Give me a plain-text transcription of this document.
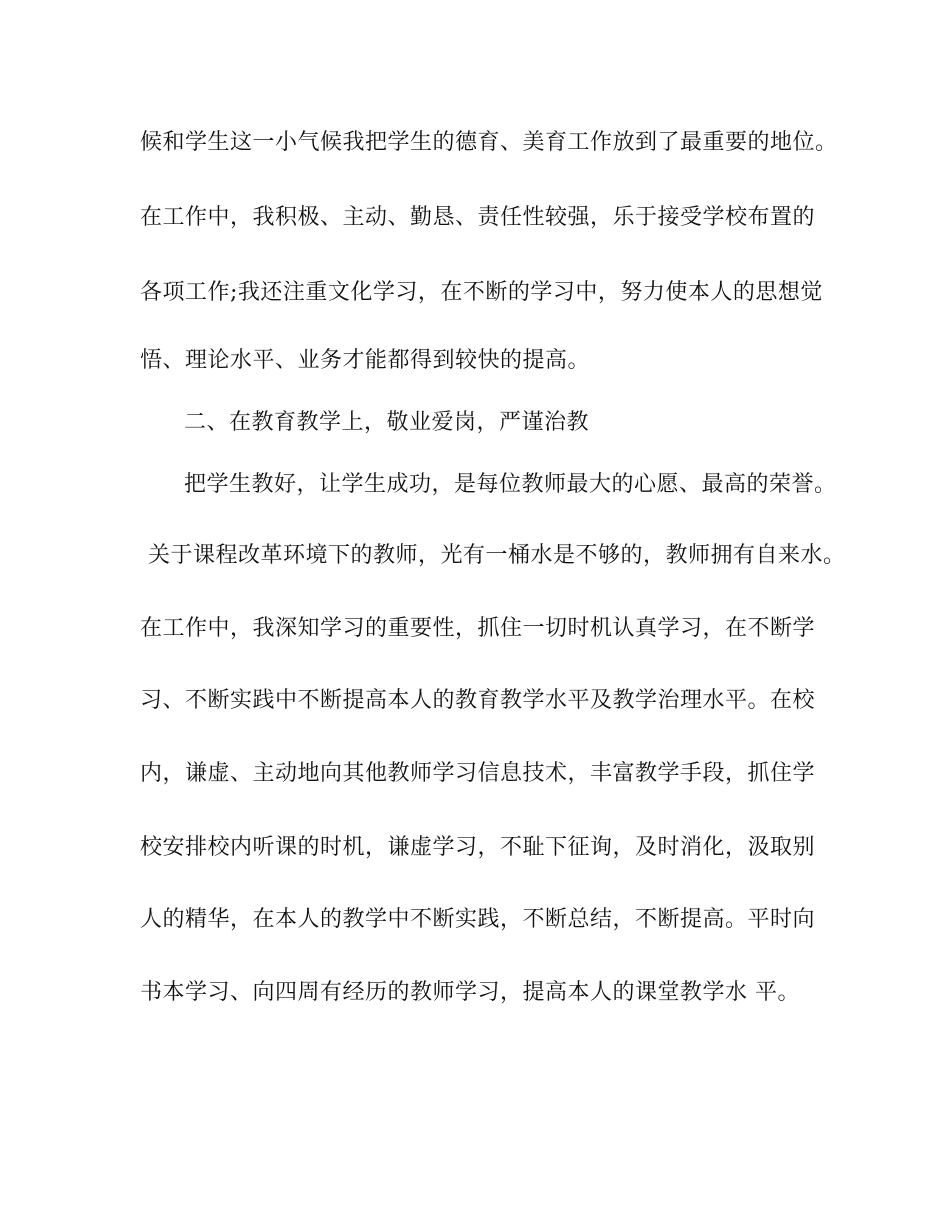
候和学生这一小气候我把学生的德育、美育工作放到了最重要的地位。
在工作中，我积极、主动、勤恳、责任性较强，乐于接受学校布置的
各项工作;我还注重文化学习，在不断的学习中，努力使本人的思想觉
悟、理论水平、业务才能都得到较快的提高。
二、在教育教学上，敬业爱岗，严谨治教
把学生教好，让学生成功，是每位教师最大的心愿、最高的荣誉。
关于课程改革环境下的教师，光有一桶水是不够的，教师拥有自来水。
在工作中，我深知学习的重要性，抓住一切时机认真学习，在不断学
习、不断实践中不断提高本人的教育教学水平及教学治理水平。在校
内，谦虚、主动地向其他教师学习信息技术，丰富教学手段，抓住学
校安排校内听课的时机，谦虚学习，不耻下征询，及时消化，汲取别
人的精华，在本人的教学中不断实践，不断总结，不断提高。平时向
书本学习、向四周有经历的教师学习，提高本人的课堂教学水 平。
